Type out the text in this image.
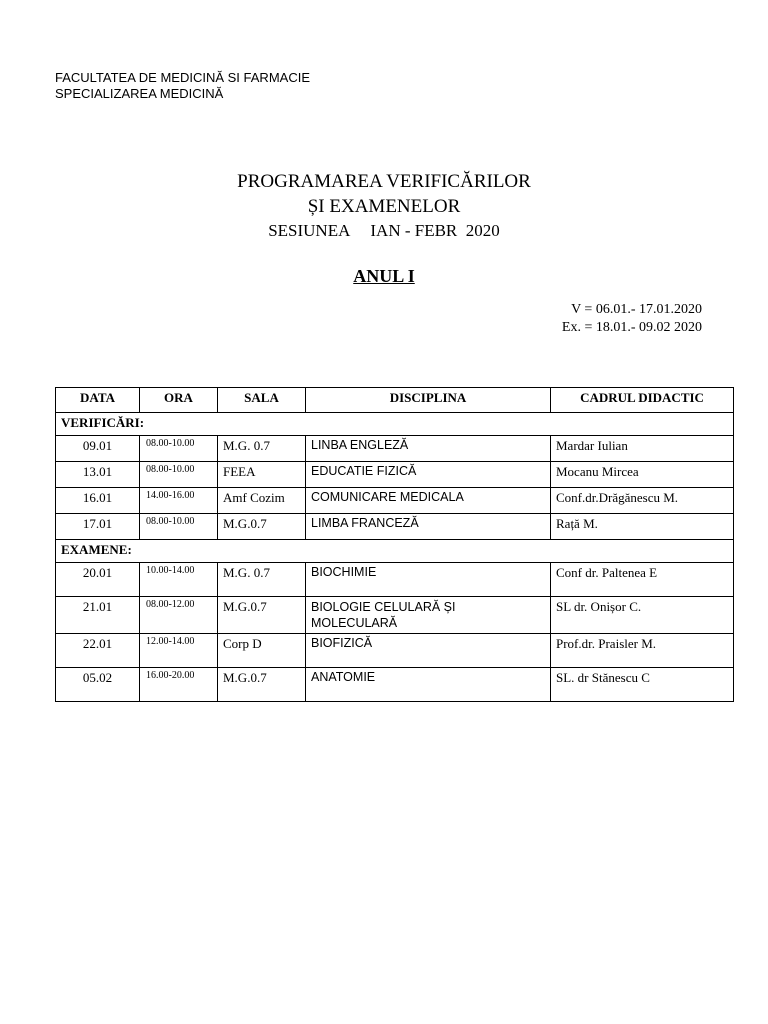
FACULTATEA DE MEDICINĂ SI FARMACIE
SPECIALIZAREA MEDICINĂ
PROGRAMAREA VERIFICĂRILOR
ȘI EXAMENELOR
SESIUNEA IAN - FEBR  2020
ANUL I
V = 06.01.- 17.01.2020
Ex. = 18.01.- 09.02 2020
DATA	ORA	SALA	DISCIPLINA	CADRUL DIDACTIC
VERIFICĂRI:				
09.01	08.00-10.00	M.G. 0.7	LINBA ENGLEZĂ	Mardar Iulian
13.01	08.00-10.00	FEEA	EDUCATIE FIZICĂ	Mocanu Mircea
16.01	14.00-16.00	Amf Cozim	COMUNICARE MEDICALA	Conf.dr.Drăgănescu M.
17.01	08.00-10.00	M.G.0.7	LIMBA FRANCEZĂ	Rață M.
EXAMENE:				
20.01	10.00-14.00	M.G. 0.7	BIOCHIMIE	Conf dr. Paltenea E
21.01	08.00-12.00	M.G.0.7	BIOLOGIE CELULARĂ ȘI MOLECULARĂ	SL dr. Onișor C.
22.01	12.00-14.00	Corp D	BIOFIZICĂ	Prof.dr. Praisler M.
05.02	16.00-20.00	M.G.0.7	ANATOMIE	SL. dr Stănescu C
